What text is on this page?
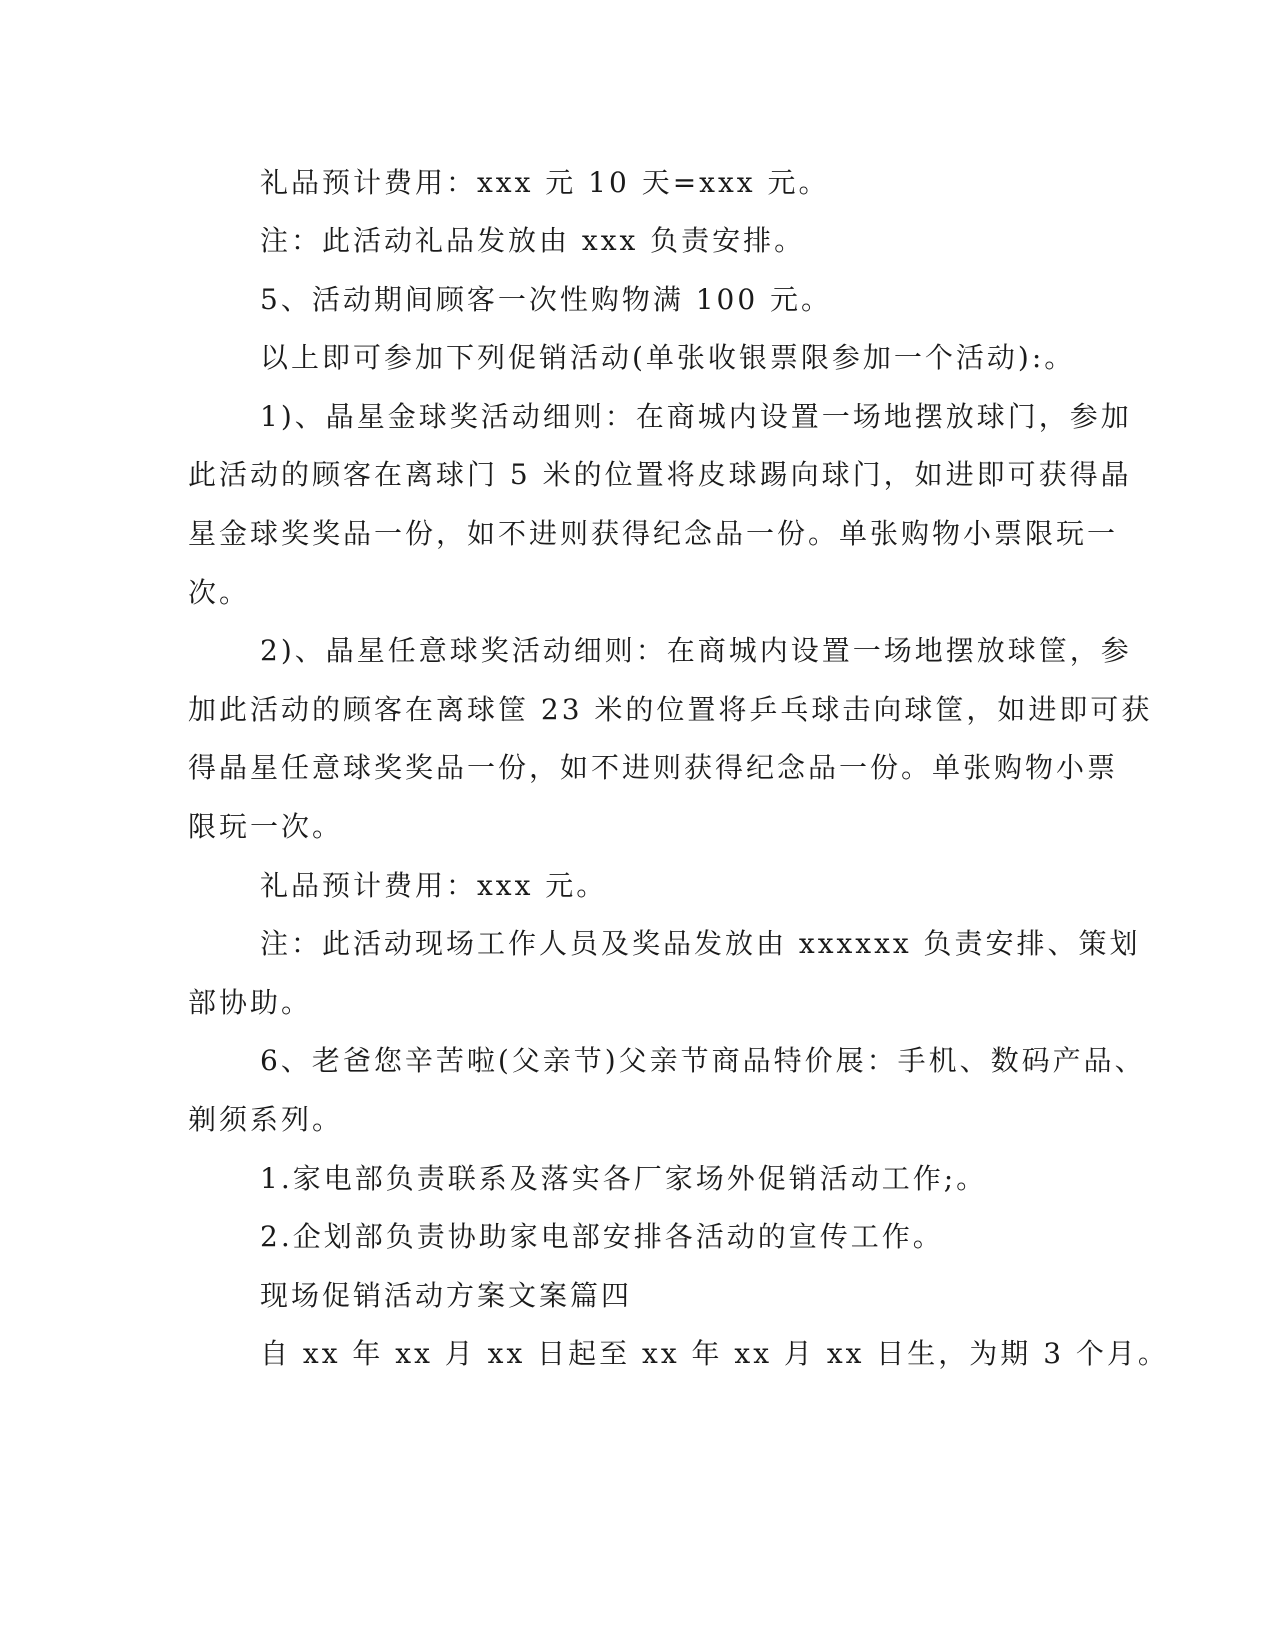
礼品预计费用：xxx 元 10 天=xxx 元。
注：此活动礼品发放由 xxx 负责安排。
5、活动期间顾客一次性购物满 100 元。
以上即可参加下列促销活动(单张收银票限参加一个活动):。
1)、晶星金球奖活动细则：在商城内设置一场地摆放球门，参加
此活动的顾客在离球门 5 米的位置将皮球踢向球门，如进即可获得晶
星金球奖奖品一份，如不进则获得纪念品一份。单张购物小票限玩一
次。
2)、晶星任意球奖活动细则：在商城内设置一场地摆放球筐，参
加此活动的顾客在离球筐 23 米的位置将乒乓球击向球筐，如进即可获
得晶星任意球奖奖品一份，如不进则获得纪念品一份。单张购物小票
限玩一次。
礼品预计费用：xxx 元。
注：此活动现场工作人员及奖品发放由 xxxxxx 负责安排、策划
部协助。
6、老爸您辛苦啦(父亲节)父亲节商品特价展：手机、数码产品、
剃须系列。
1.家电部负责联系及落实各厂家场外促销活动工作;。
2.企划部负责协助家电部安排各活动的宣传工作。
现场促销活动方案文案篇四
自 xx 年 xx 月 xx 日起至 xx 年 xx 月 xx 日生，为期 3 个月。
